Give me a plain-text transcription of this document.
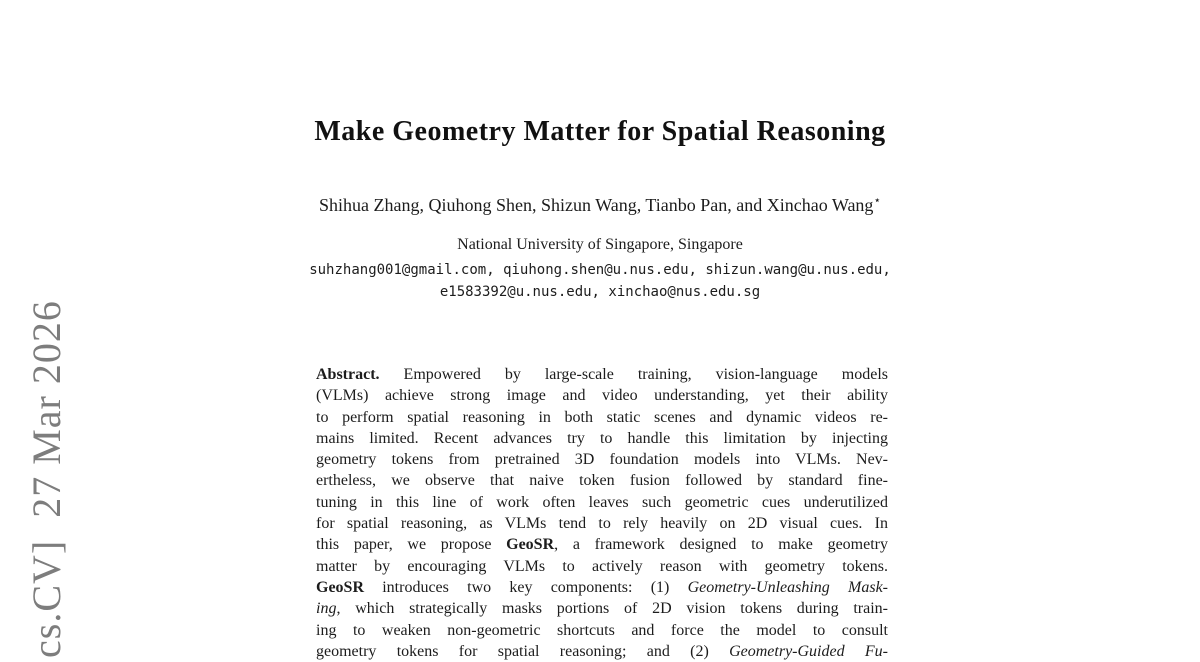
cs.CV]  27 Mar 2026
Make Geometry Matter for Spatial Reasoning
Shihua Zhang, Qiuhong Shen, Shizun Wang, Tianbo Pan, and Xinchao Wang⋆
National University of Singapore, Singapore
suhzhang001@gmail.com, qiuhong.shen@u.nus.edu, shizun.wang@u.nus.edu,
e1583392@u.nus.edu, xinchao@nus.edu.sg
Abstract. Empowered by large-scale training, vision-language models
(VLMs) achieve strong image and video understanding, yet their ability
to perform spatial reasoning in both static scenes and dynamic videos re-
mains limited. Recent advances try to handle this limitation by injecting
geometry tokens from pretrained 3D foundation models into VLMs. Nev-
ertheless, we observe that naive token fusion followed by standard fine-
tuning in this line of work often leaves such geometric cues underutilized
for spatial reasoning, as VLMs tend to rely heavily on 2D visual cues. In
this paper, we propose GeoSR, a framework designed to make geometry
matter by encouraging VLMs to actively reason with geometry tokens.
GeoSR introduces two key components: (1) Geometry-Unleashing Mask-
ing, which strategically masks portions of 2D vision tokens during train-
ing to weaken non-geometric shortcuts and force the model to consult
geometry tokens for spatial reasoning; and (2) Geometry-Guided Fu-
